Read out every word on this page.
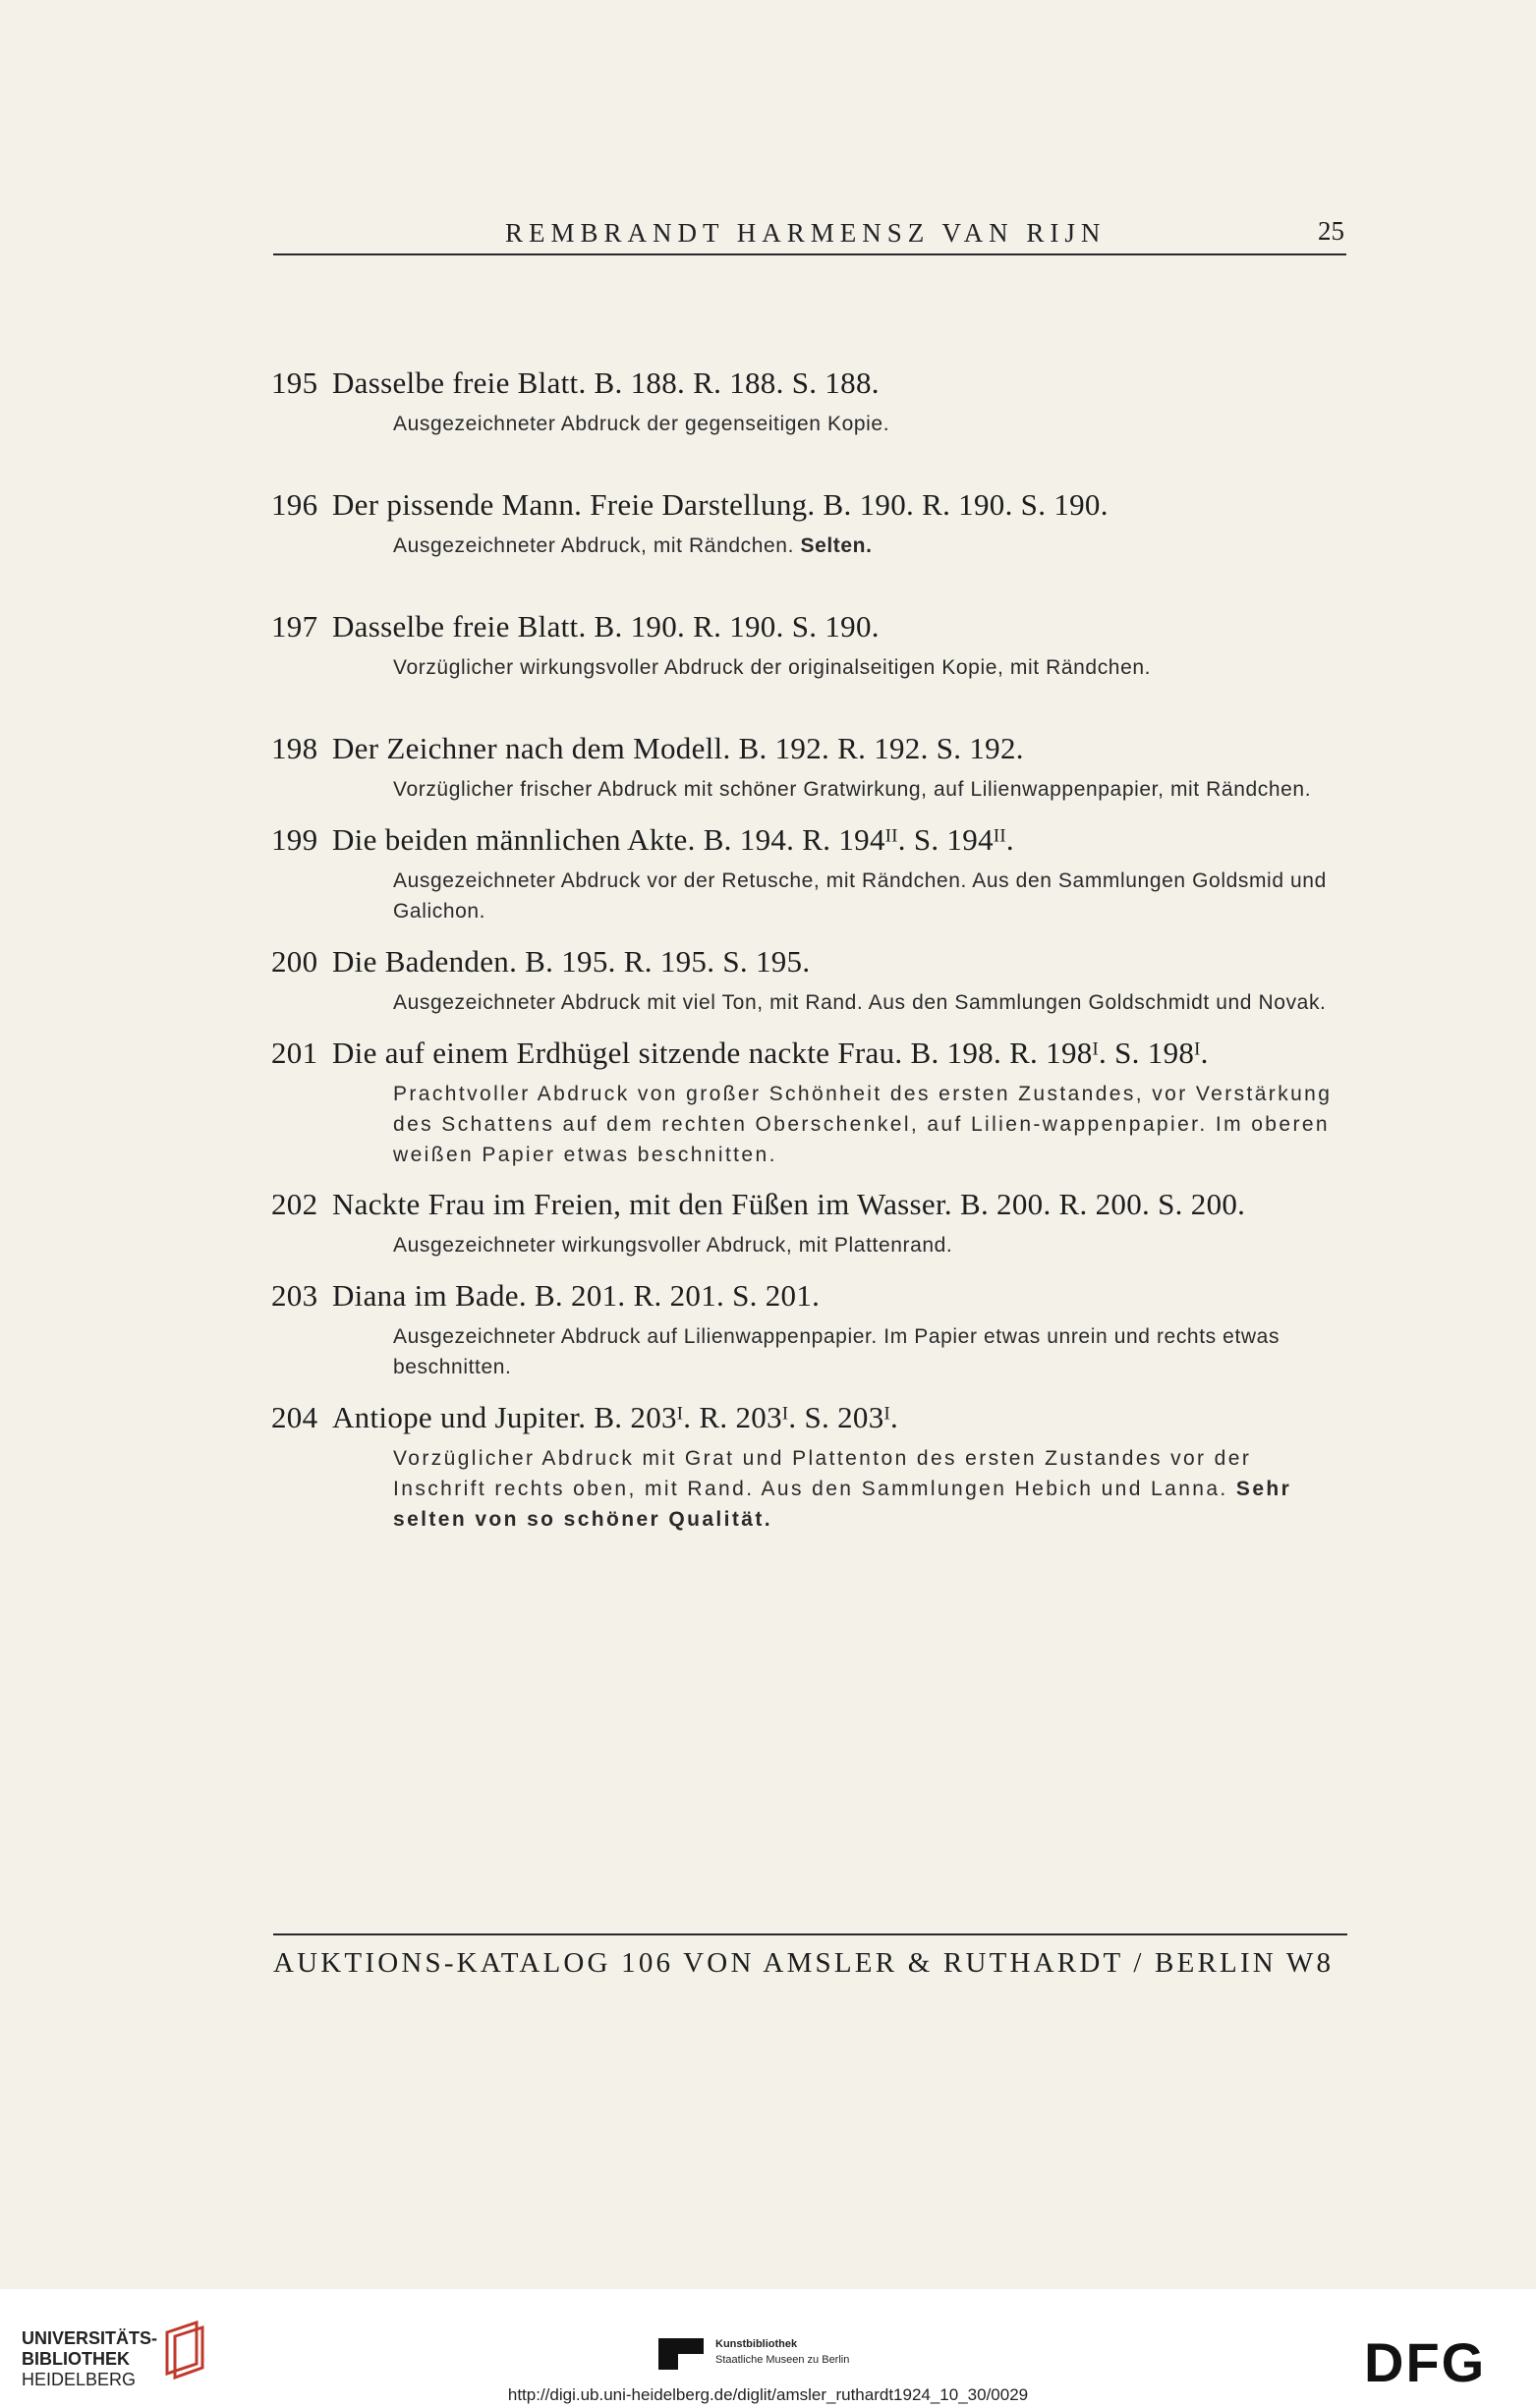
REMBRANDT HARMENSZ VAN RIJN	25
195 Dasselbe freie Blatt. B. 188. R. 188. S. 188.
Ausgezeichneter Abdruck der gegenseitigen Kopie.
196 Der pissende Mann. Freie Darstellung. B. 190. R. 190. S. 190.
Ausgezeichneter Abdruck, mit Rändchen. Selten.
197 Dasselbe freie Blatt. B. 190. R. 190. S. 190.
Vorzüglicher wirkungsvoller Abdruck der originalseitigen Kopie, mit Rändchen.
198 Der Zeichner nach dem Modell. B. 192. R. 192. S. 192.
Vorzüglicher frischer Abdruck mit schöner Gratwirkung, auf Lilienwappenpapier, mit Rändchen.
199 Die beiden männlichen Akte. B. 194. R. 194ᴵᴵ. S. 194ᴵᴵ.
Ausgezeichneter Abdruck vor der Retusche, mit Rändchen. Aus den Sammlungen Goldsmid und Galichon.
200 Die Badenden. B. 195. R. 195. S. 195.
Ausgezeichneter Abdruck mit viel Ton, mit Rand. Aus den Sammlungen Goldschmidt und Novak.
201 Die auf einem Erdhügel sitzende nackte Frau. B. 198. R. 198ᴵ. S. 198ᴵ.
Prachtvoller Abdruck von großer Schönheit des ersten Zustandes, vor Verstärkung des Schattens auf dem rechten Oberschenkel, auf Lilien-wappenpapier. Im oberen weißen Papier etwas beschnitten.
202 Nackte Frau im Freien, mit den Füßen im Wasser. B. 200. R. 200. S. 200.
Ausgezeichneter wirkungsvoller Abdruck, mit Plattenrand.
203 Diana im Bade. B. 201. R. 201. S. 201.
Ausgezeichneter Abdruck auf Lilienwappenpapier. Im Papier etwas unrein und rechts etwas beschnitten.
204 Antiope und Jupiter. B. 203ᴵ. R. 203ᴵ. S. 203ᴵ.
Vorzüglicher Abdruck mit Grat und Plattenton des ersten Zustandes vor der Inschrift rechts oben, mit Rand. Aus den Sammlungen Hebich und Lanna. Sehr selten von so schöner Qualität.
AUKTIONS-KATALOG 106 VON AMSLER & RUTHARDT / BERLIN W8
UNIVERSITÄTS-
BIBLIOTHEK
HEIDELBERG
Kunstbibliothek
Staatliche Museen zu Berlin	DFG
http://digi.ub.uni-heidelberg.de/diglit/amsler_ruthardt1924_10_30/0029
